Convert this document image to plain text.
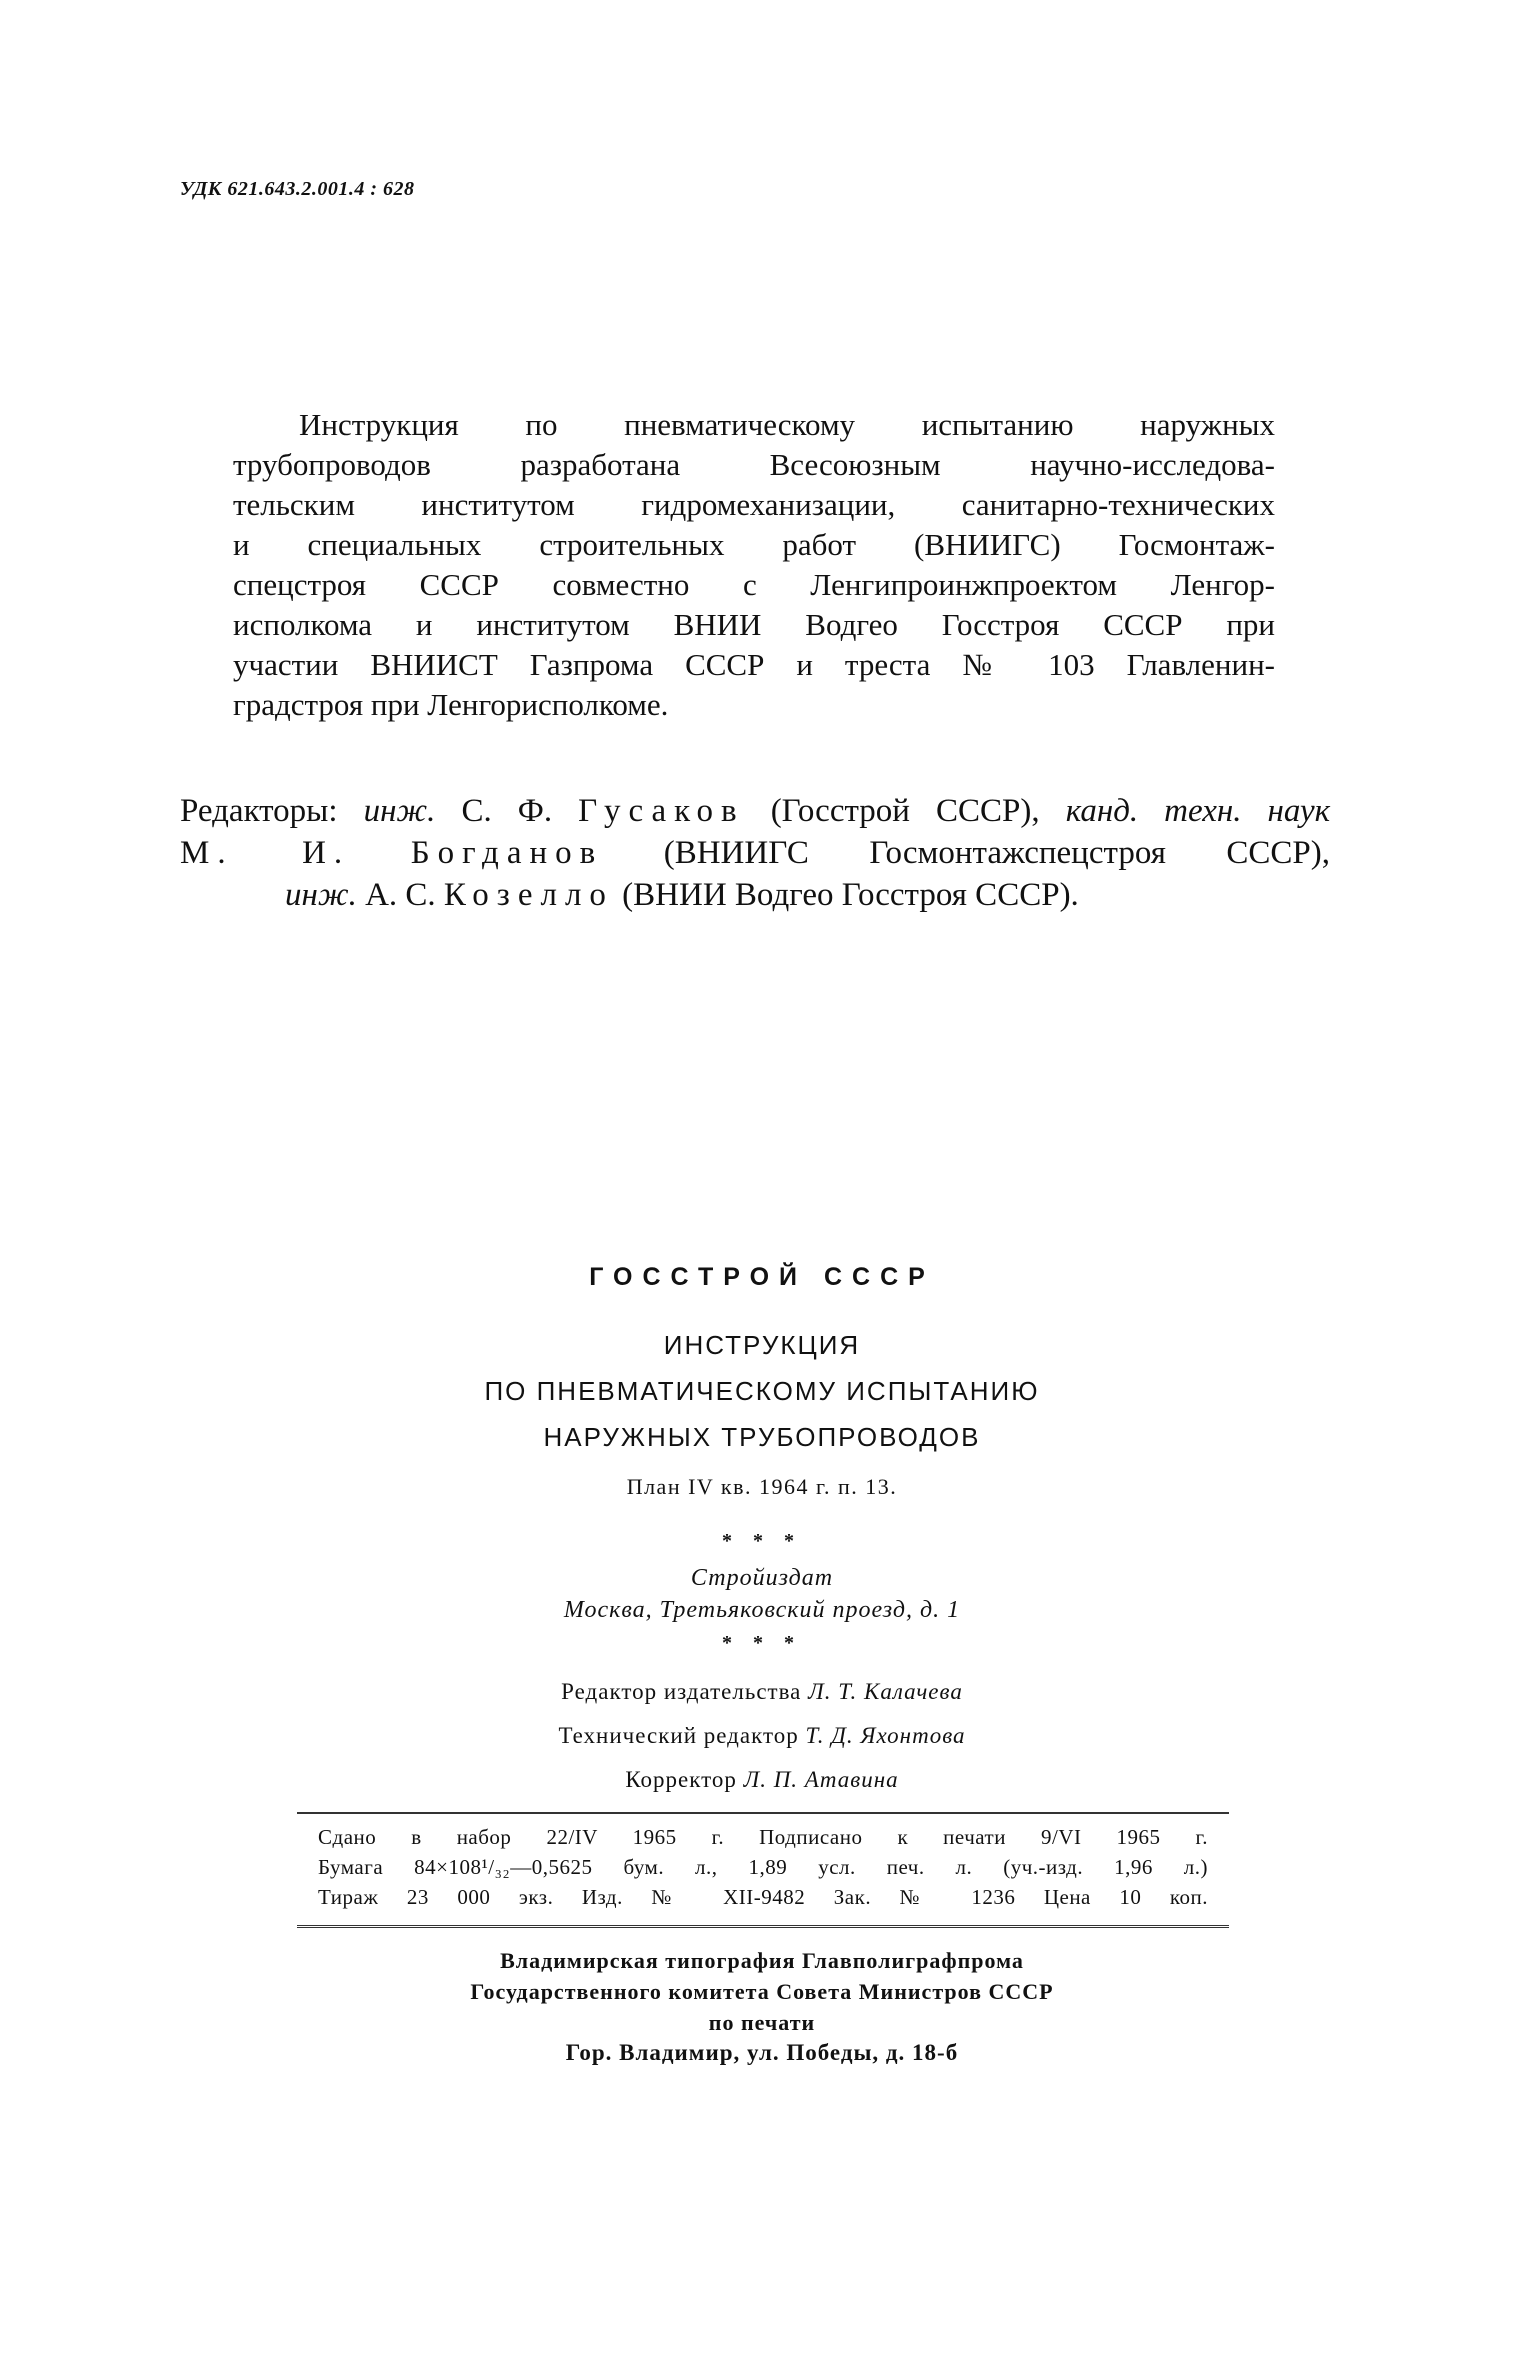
УДК 621.643.2.001.4 : 628
Инструкция по пневматическому испытанию наружных
трубопроводов разработана Всесоюзным научно-исследова-
тельским институтом гидромеханизации, санитарно-технических
и специальных строительных работ (ВНИИГС) Госмонтаж-
спецстроя СССР совместно с Ленгипроинжпроектом Ленгор-
исполкома и институтом ВНИИ Водгео Госстроя СССР при
участии ВНИИСТ Газпрома СССР и треста № 103 Главленин-
градстроя при Ленгорисполкоме.
Редакторы: инж. С. Ф. Гусаков (Госстрой СССР), канд. техн. наук
М. И. Богданов (ВНИИГС Госмонтажспецстроя СССР),
инж. А. С. Козелло (ВНИИ Водгео Госстроя СССР).
ГОССТРОЙ СССР
ИНСТРУКЦИЯ
ПО ПНЕВМАТИЧЕСКОМУ ИСПЫТАНИЮ
НАРУЖНЫХ ТРУБОПРОВОДОВ
План IV кв. 1964 г. п. 13.
* * *
Стройиздат
Москва, Третьяковский проезд, д. 1
* * *
Редактор издательства Л. Т. Калачева
Технический редактор Т. Д. Яхонтова
Корректор Л. П. Атавина
Сдано в набор 22/IV 1965 г. Подписано к печати 9/VI 1965 г.
Бумага 84×108¹/₃₂—0,5625 бум. л., 1,89 усл. печ. л. (уч.-изд. 1,96 л.)
Тираж 23 000 экз. Изд. № XII-9482 Зак. № 1236 Цена 10 коп.
Владимирская типография Главполиграфпрома
Государственного комитета Совета Министров СССР
по печати
Гор. Владимир, ул. Победы, д. 18-б
